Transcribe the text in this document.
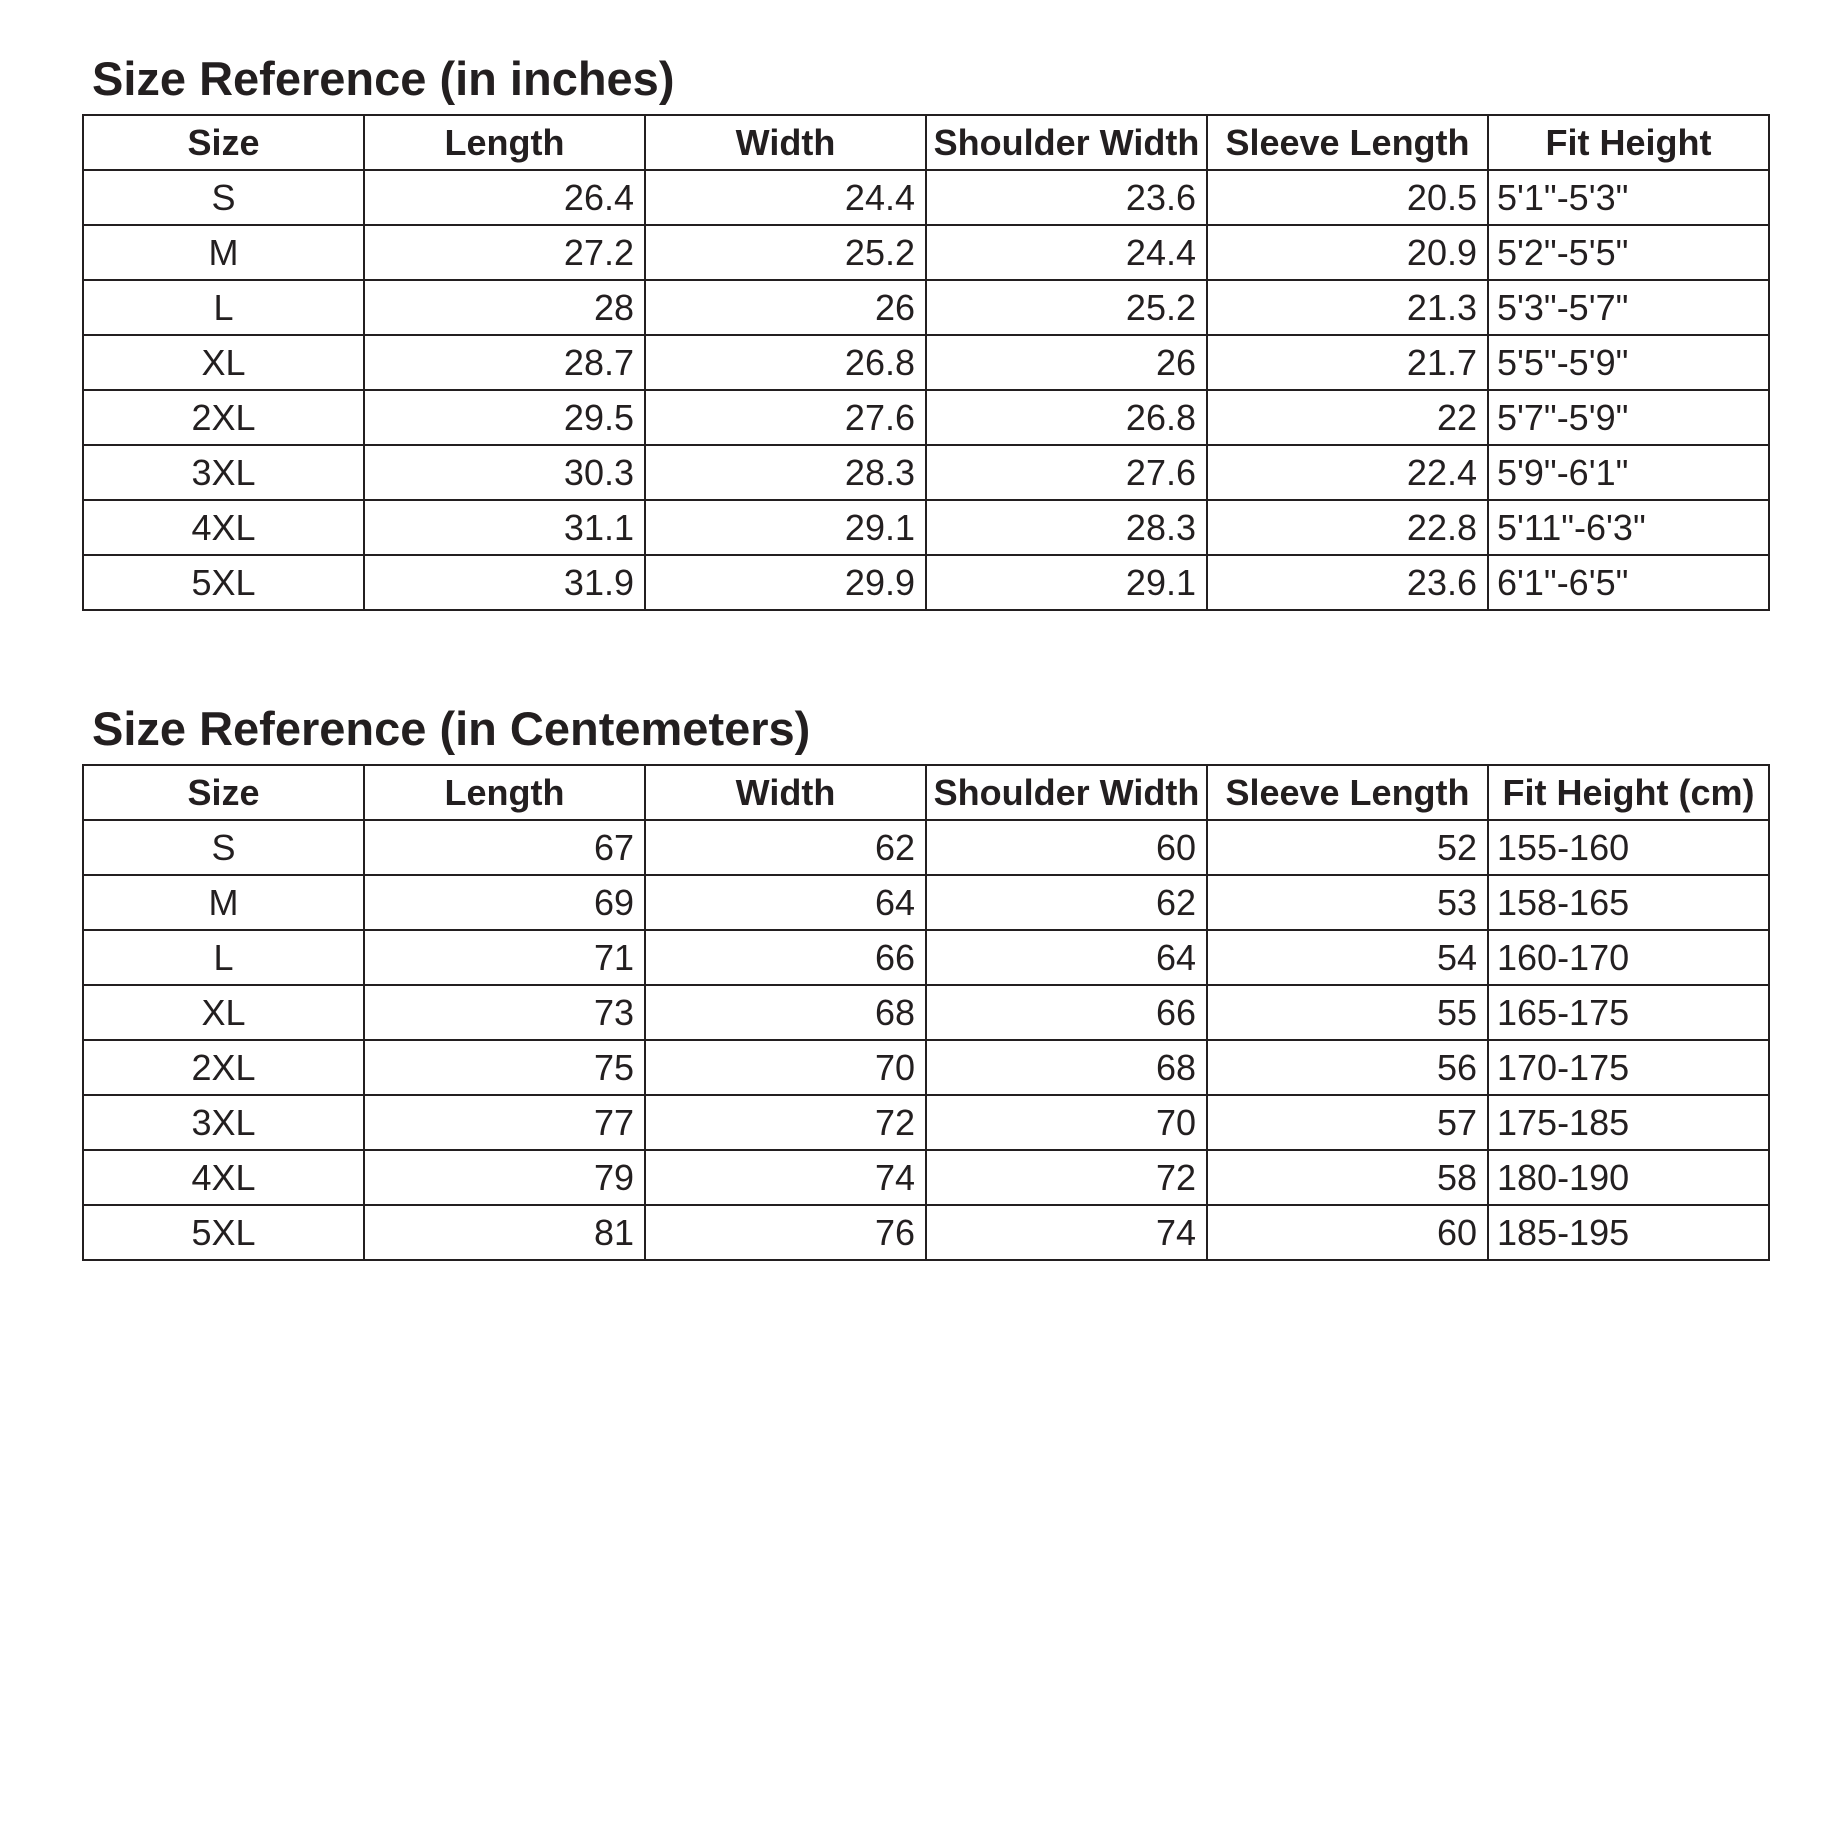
Size Reference (in inches)
Size	Length	Width	Shoulder Width	Sleeve Length	Fit Height
S	26.4	24.4	23.6	20.5	5'1"-5'3"
M	27.2	25.2	24.4	20.9	5'2"-5'5"
L	28	26	25.2	21.3	5'3"-5'7"
XL	28.7	26.8	26	21.7	5'5"-5'9"
2XL	29.5	27.6	26.8	22	5'7"-5'9"
3XL	30.3	28.3	27.6	22.4	5'9"-6'1"
4XL	31.1	29.1	28.3	22.8	5'11"-6'3"
5XL	31.9	29.9	29.1	23.6	6'1"-6'5"
Size Reference (in Centemeters)
Size	Length	Width	Shoulder Width	Sleeve Length	Fit Height (cm)
S	67	62	60	52	155-160
M	69	64	62	53	158-165
L	71	66	64	54	160-170
XL	73	68	66	55	165-175
2XL	75	70	68	56	170-175
3XL	77	72	70	57	175-185
4XL	79	74	72	58	180-190
5XL	81	76	74	60	185-195
